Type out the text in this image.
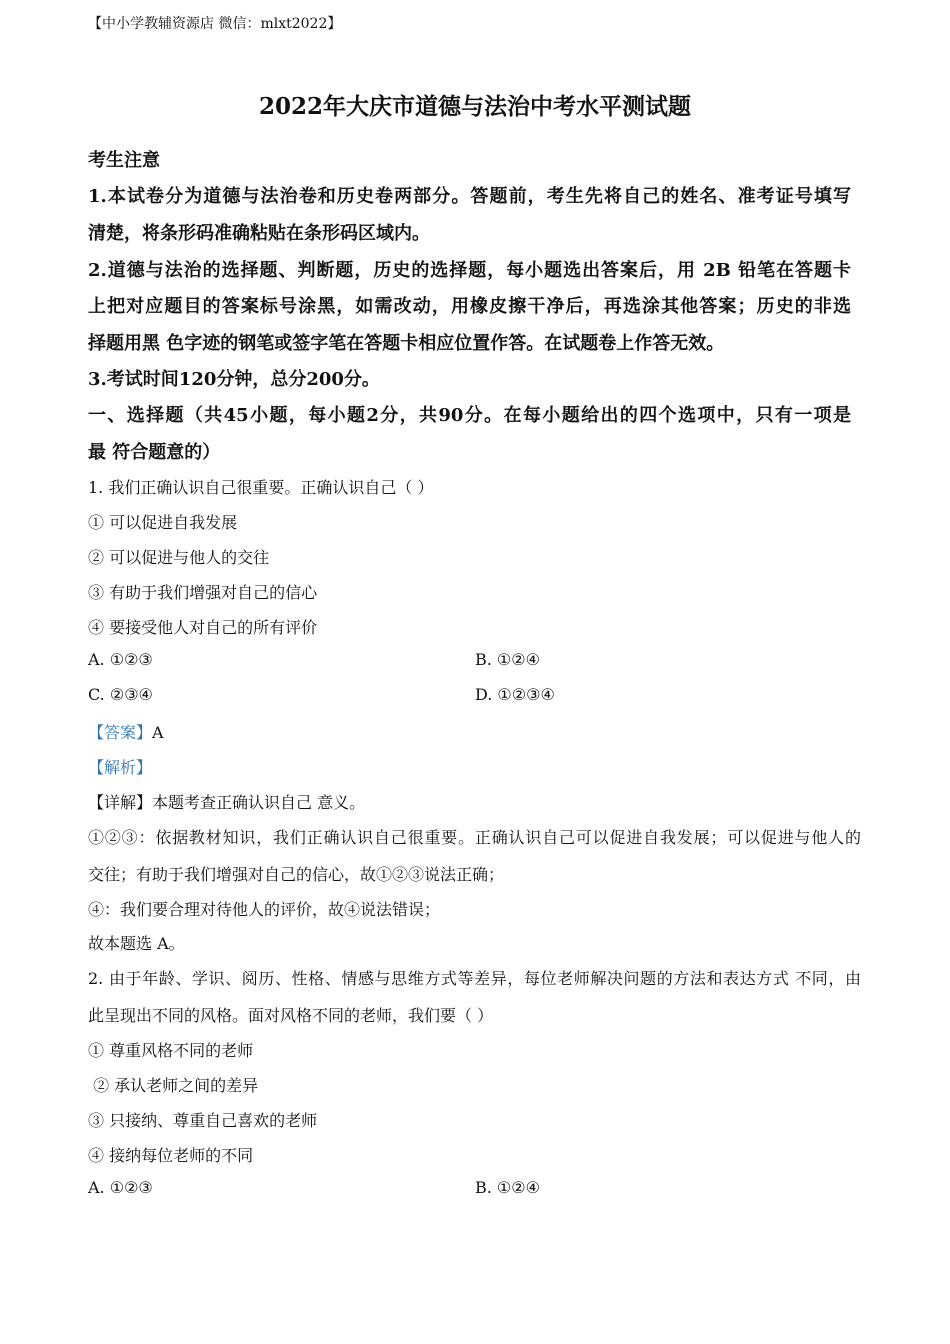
【中小学教辅资源店 微信：mlxt2022】
2022年大庆市道德与法治中考水平测试题
考生注意
1.本试卷分为道德与法治卷和历史卷两部分。答题前，考生先将自己的姓名、准考证号填写
清楚，将条形码准确粘贴在条形码区域内。
2.道德与法治的选择题、判断题，历史的选择题，每小题选出答案后，用 2B 铅笔在答题卡
上把对应题目的答案标号涂黑，如需改动，用橡皮擦干净后，再选涂其他答案；历史的非选
择题用黑 色字迹的钢笔或签字笔在答题卡相应位置作答。在试题卷上作答无效。
3.考试时间120分钟，总分200分。
一、选择题（共45小题，每小题2分，共90分。在每小题给出的四个选项中，只有一项是
最 符合题意的）
1. 我们正确认识自己很重要。正确认识自己（ ）
① 可以促进自我发展
② 可以促进与他人的交往
③ 有助于我们增强对自己的信心
④ 要接受他人对自己的所有评价
A. ①②③	B. ①②④
C. ②③④	D. ①②③④
【答案】A
【解析】
【详解】本题考查正确认识自己 意义。
①②③：依据教材知识，我们正确认识自己很重要。正确认识自己可以促进自我发展；可以促进与他人的
交往；有助于我们增强对自己的信心，故①②③说法正确；
④：我们要合理对待他人的评价，故④说法错误；
故本题选 A。
2. 由于年龄、学识、阅历、性格、情感与思维方式等差异，每位老师解决问题的方法和表达方式 不同，由
此呈现出不同的风格。面对风格不同的老师，我们要（ ）
① 尊重风格不同的老师
② 承认老师之间的差异
③ 只接纳、尊重自己喜欢的老师
④ 接纳每位老师的不同
A. ①②③	B. ①②④
